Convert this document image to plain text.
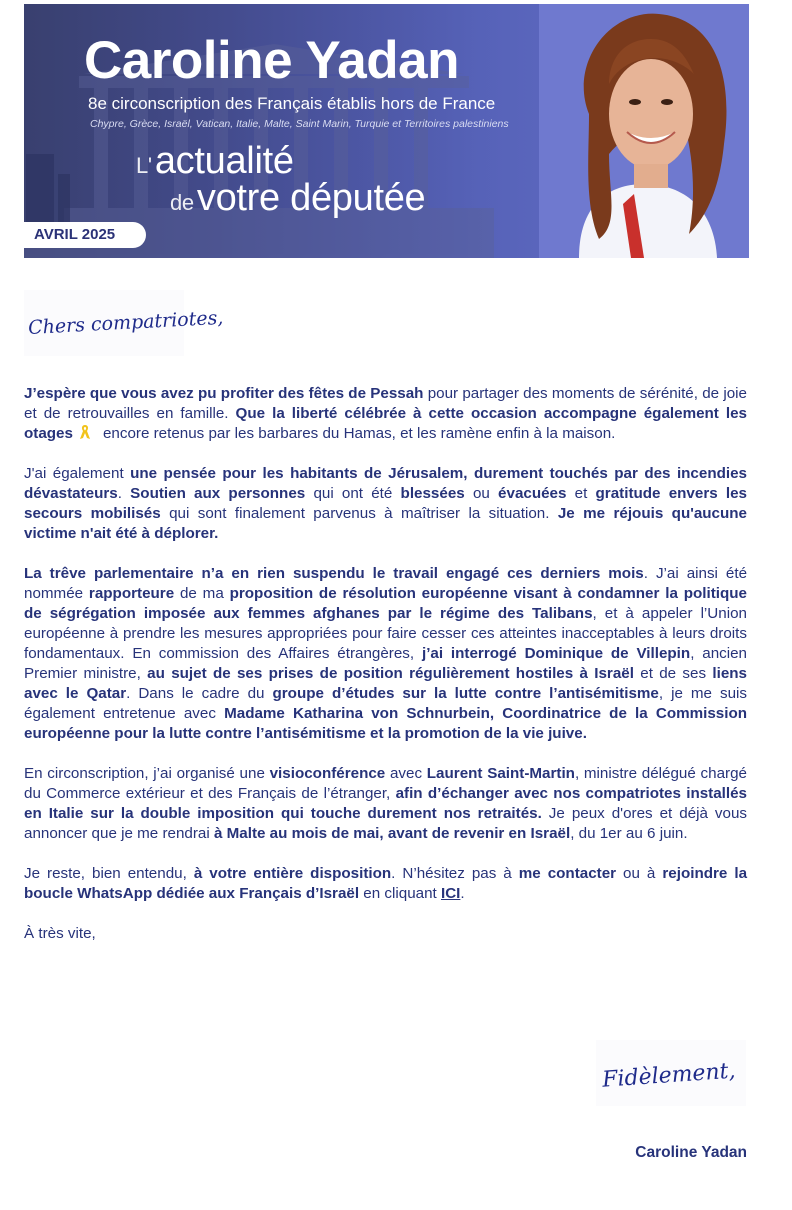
Caroline Yadan
8e circonscription des Français établis hors de France
Chypre, Grèce, Israël, Vatican, Italie, Malte, Saint Marin, Turquie et Territoires palestiniens
L'actualité
devotre députée
AVRIL 2025
Chers compatriotes,

J’espère que vous avez pu profiter des fêtes de Pessah pour partager des moments de sérénité, de joie et de retrouvailles en famille. Que la liberté célébrée à cette occasion accompagne également les otages encore retenus par les barbares du Hamas, et les ramène enfin à la maison.

J'ai également une pensée pour les habitants de Jérusalem, durement touchés par des incendies dévastateurs. Soutien aux personnes qui ont été blessées ou évacuées et gratitude envers les secours mobilisés qui sont finalement parvenus à maîtriser la situation. Je me réjouis qu'aucune victime n'ait été à déplorer.

La trêve parlementaire n’a en rien suspendu le travail engagé ces derniers mois. J’ai ainsi été nommée rapporteure de ma proposition de résolution européenne visant à condamner la politique de ségrégation imposée aux femmes afghanes par le régime des Talibans, et à appeler l’Union européenne à prendre les mesures appropriées pour faire cesser ces atteintes inacceptables à leurs droits fondamentaux. En commission des Affaires étrangères, j’ai interrogé Dominique de Villepin, ancien Premier ministre, au sujet de ses prises de position régulièrement hostiles à Israël et de ses liens avec le Qatar. Dans le cadre du groupe d’études sur la lutte contre l’antisémitisme, je me suis également entretenue avec Madame Katharina von Schnurbein, Coordinatrice de la Commission européenne pour la lutte contre l’antisémitisme et la promotion de la vie juive.

En circonscription, j’ai organisé une visioconférence avec Laurent Saint-Martin, ministre délégué chargé du Commerce extérieur et des Français de l’étranger, afin d’échanger avec nos compatriotes installés en Italie sur la double imposition qui touche durement nos retraités. Je peux d'ores et déjà vous annoncer que je me rendrai à Malte au mois de mai, avant de revenir en Israël, du 1er au 6 juin.

Je reste, bien entendu, à votre entière disposition. N’hésitez pas à me contacter ou à rejoindre la boucle WhatsApp dédiée aux Français d’Israël en cliquant ICI.

À très vite,

Fidèlement,
Caroline Yadan
